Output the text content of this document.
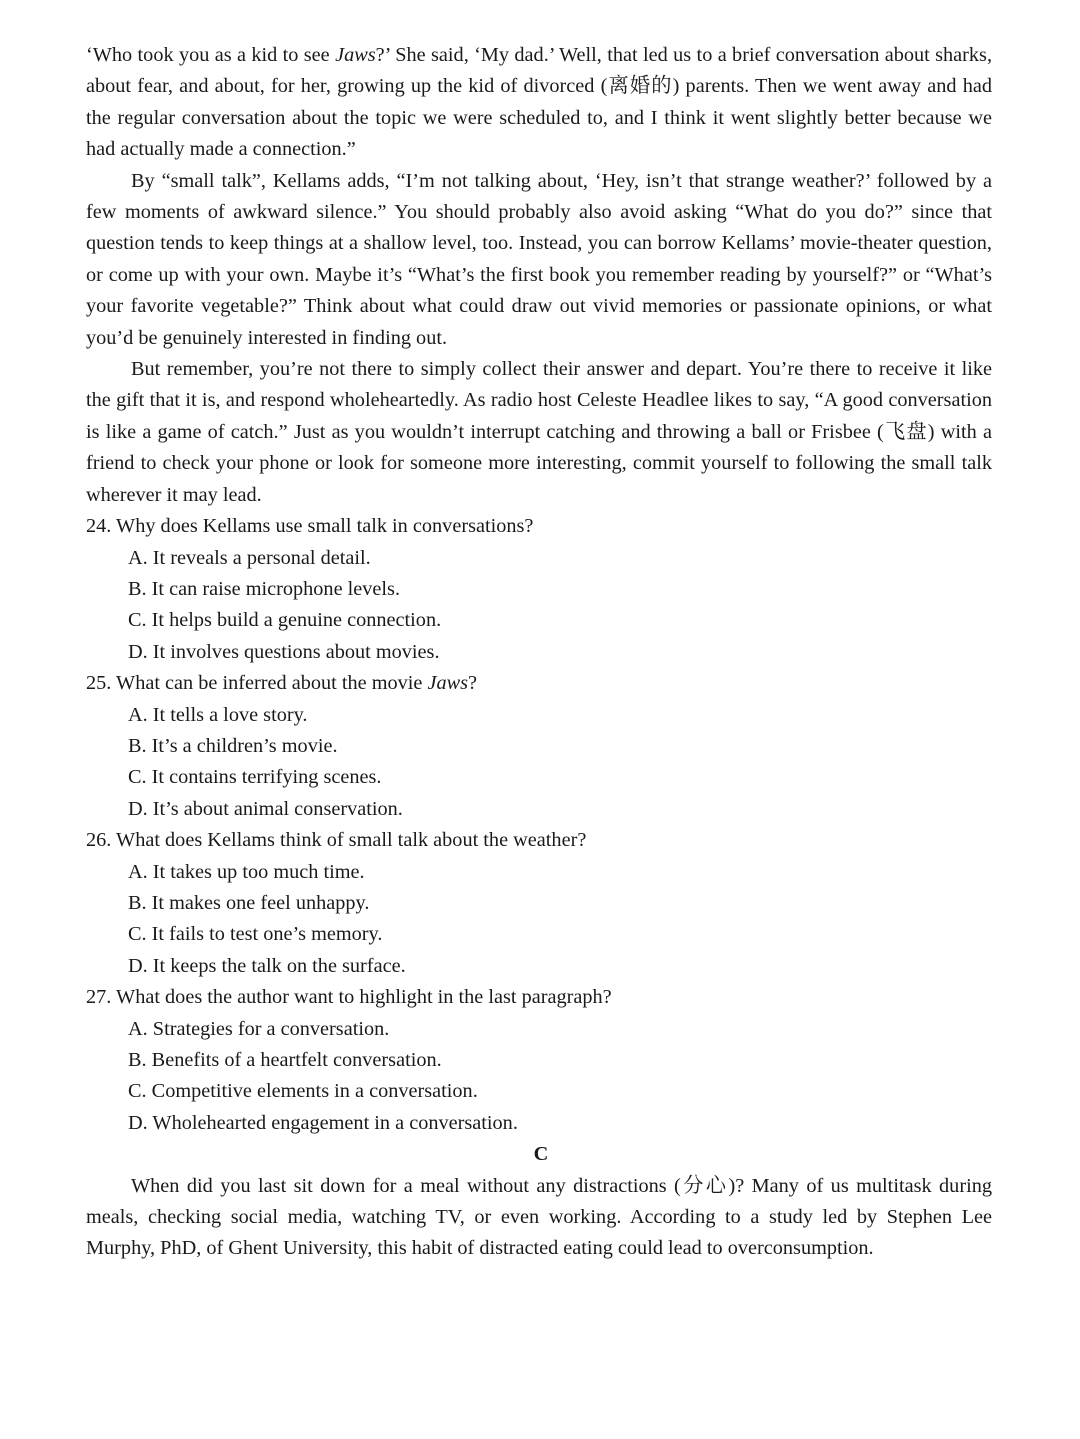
‘Who took you as a kid to see Jaws?’ She said, ‘My dad.’ Well, that led us to a brief conversation about sharks, about fear, and about, for her, growing up the kid of divorced (离婚的) parents. Then we went away and had the regular conversation about the topic we were scheduled to, and I think it went slightly better because we had actually made a connection.”

By “small talk”, Kellams adds, “I’m not talking about, ‘Hey, isn’t that strange weather?’ followed by a few moments of awkward silence.” You should probably also avoid asking “What do you do?” since that question tends to keep things at a shallow level, too. Instead, you can borrow Kellams’ movie-theater question, or come up with your own. Maybe it’s “What’s the first book you remember reading by yourself?” or “What’s your favorite vegetable?” Think about what could draw out vivid memories or passionate opinions, or what you’d be genuinely interested in finding out.

But remember, you’re not there to simply collect their answer and depart. You’re there to receive it like the gift that it is, and respond wholeheartedly. As radio host Celeste Headlee likes to say, “A good conversation is like a game of catch.” Just as you wouldn’t interrupt catching and throwing a ball or Frisbee (飞盘) with a friend to check your phone or look for someone more interesting, commit yourself to following the small talk wherever it may lead.

24. Why does Kellams use small talk in conversations?

A. It reveals a personal detail.

B. It can raise microphone levels.

C. It helps build a genuine connection.

D. It involves questions about movies.

25. What can be inferred about the movie Jaws?

A. It tells a love story.

B. It’s a children’s movie.

C. It contains terrifying scenes.

D. It’s about animal conservation.

26. What does Kellams think of small talk about the weather?

A. It takes up too much time.

B. It makes one feel unhappy.

C. It fails to test one’s memory.

D. It keeps the talk on the surface.

27. What does the author want to highlight in the last paragraph?

A. Strategies for a conversation.

B. Benefits of a heartfelt conversation.

C. Competitive elements in a conversation.

D. Wholehearted engagement in a conversation.

C

When did you last sit down for a meal without any distractions (分心)? Many of us multitask during meals, checking social media, watching TV, or even working. According to a study led by Stephen Lee Murphy, PhD, of Ghent University, this habit of distracted eating could lead to overconsumption.
